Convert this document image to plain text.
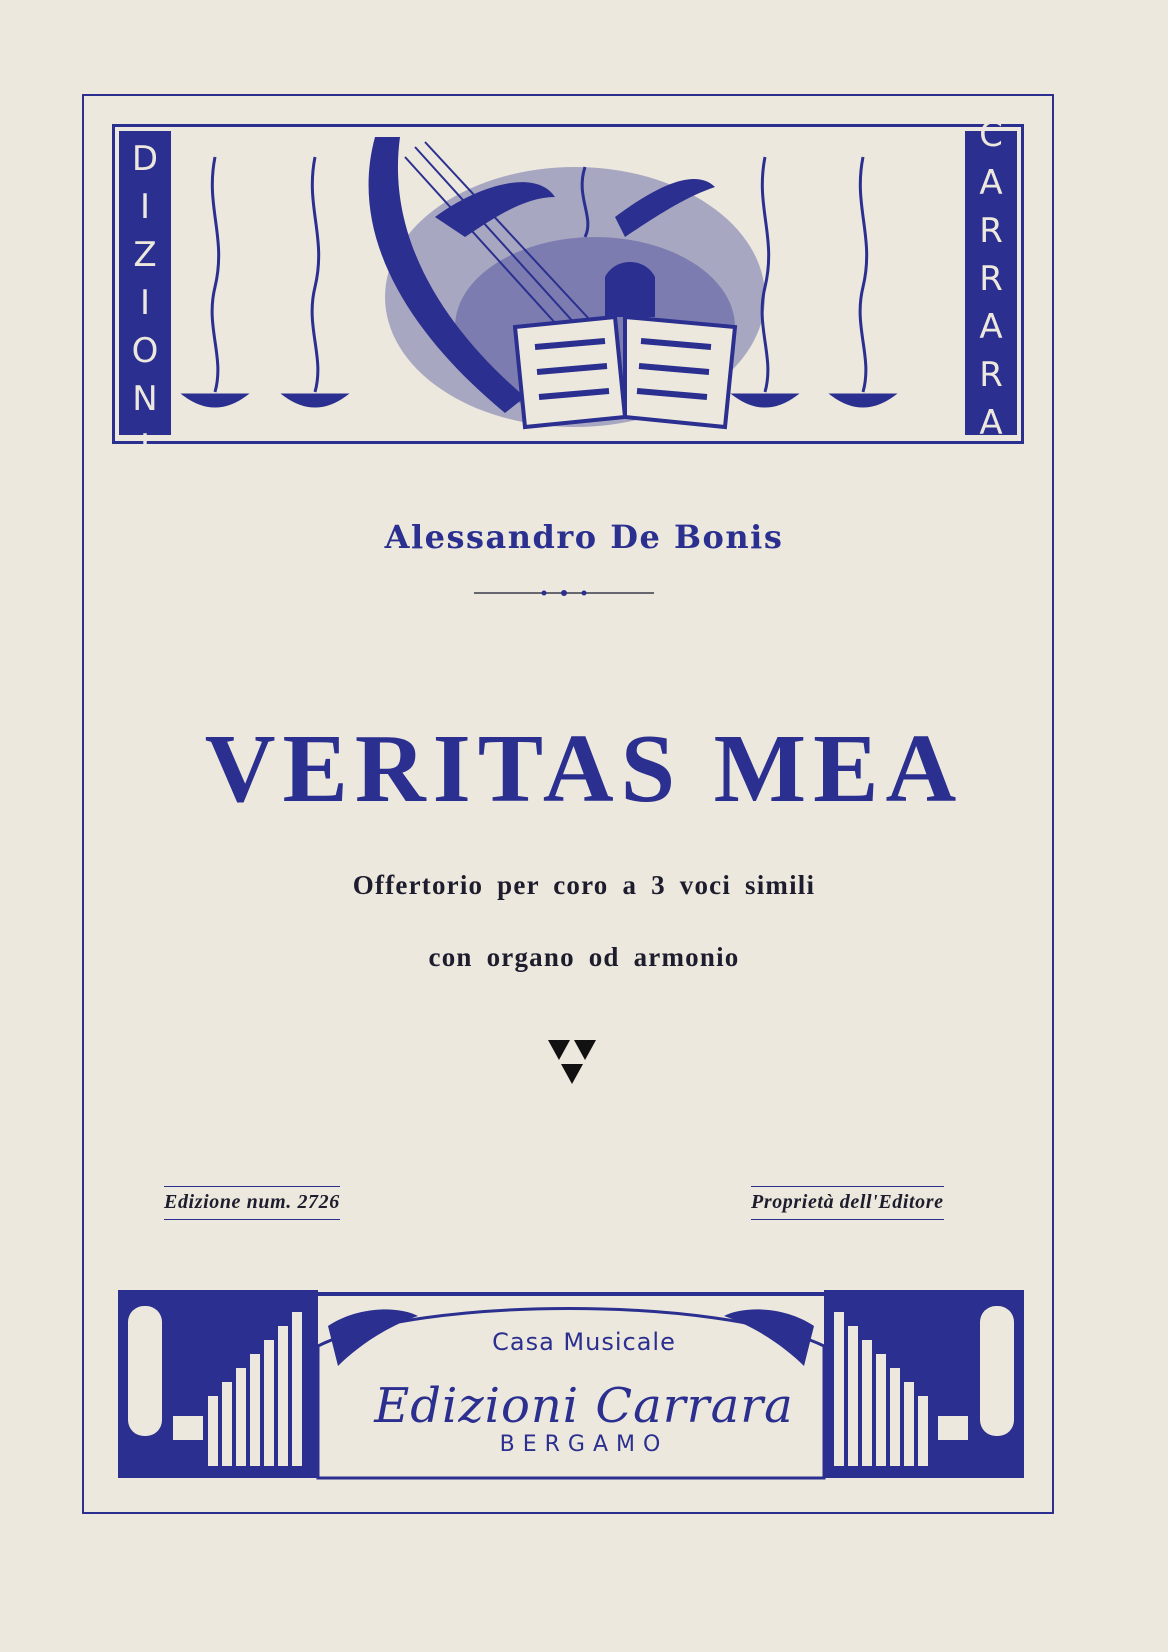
EDIZIONI	CARRARA
Alessandro De Bonis
VERITAS MEA
Offertorio per coro a 3 voci simili
con organo od armonio
Edizione num. 2726	Proprietà dell'Editore
Casa Musicale
Edizioni Carrara
BERGAMO
